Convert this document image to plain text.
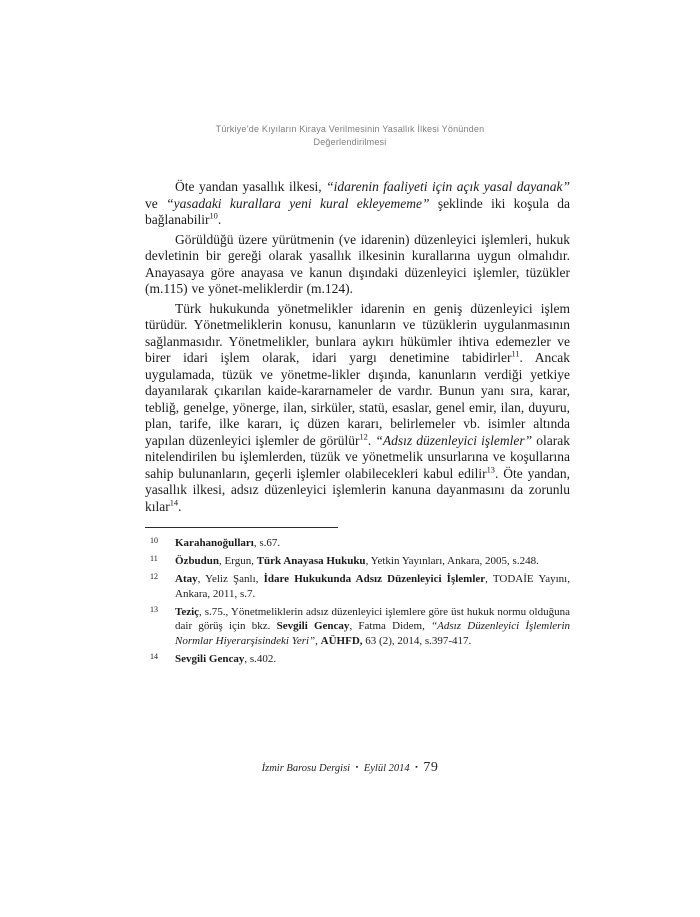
Türkiye’de Kıyıların Kiraya Verilmesinin Yasallık İlkesi Yönünden
Değerlendirilmesi

Öte yandan yasallık ilkesi, “idarenin faaliyeti için açık yasal dayanak” ve “yasadaki kurallara yeni kural ekleyememe” şeklinde iki koşula da bağlanabilir$^{10}$.

Görüldüğü üzere yürütmenin (ve idarenin) düzenleyici işlemleri, hukuk devletinin bir gereği olarak yasallık ilkesinin kurallarına uygun olmalıdır. Anayasaya göre anayasa ve kanun dışındaki düzenleyici işlemler, tüzükler (m.115) ve yönet-meliklerdir (m.124).

Türk hukukunda yönetmelikler idarenin en geniş düzenleyici işlem türüdür. Yönetmeliklerin konusu, kanunların ve tüzüklerin uygulanmasının sağlanmasıdır. Yönetmelikler, bunlara aykırı hükümler ihtiva edemezler ve birer idari işlem olarak, idari yargı denetimine tabidirler$^{11}$. Ancak uygulamada, tüzük ve yönetme-likler dışında, kanunların verdiği yetkiye dayanılarak çıkarılan kaide-kararnameler de vardır. Bunun yanı sıra, karar, tebliğ, genelge, yönerge, ilan, sirküler, statü, esaslar, genel emir, ilan, duyuru, plan, tarife, ilke kararı, iç düzen kararı, belirlemeler vb. isimler altında yapılan düzenleyici işlemler de görülür$^{12}$. “Adsız düzenleyici işlemler” olarak nitelendirilen bu işlemlerden, tüzük ve yönetmelik unsurlarına ve koşullarına sahip bulunanların, geçerli işlemler olabilecekleri kabul edilir$^{13}$. Öte yandan, yasallık ilkesi, adsız düzenleyici işlemlerin kanuna dayanmasını da zorunlu kılar$^{14}$.

10 Karahanoğulları, s.67.
11 Özbudun, Ergun, Türk Anayasa Hukuku, Yetkin Yayınları, Ankara, 2005, s.248.
12 Atay, Yeliz Şanlı, İdare Hukukunda Adsız Düzenleyici İşlemler, TODAİE Yayını, Ankara, 2011, s.7.
13 Teziç, s.75., Yönetmeliklerin adsız düzenleyici işlemlere göre üst hukuk normu olduğuna dair görüş için bkz. Sevgili Gencay, Fatma Didem, “Adsız Düzenleyici İşlemlerin Normlar Hiyerarşisindeki Yeri”, AÜHFD, 63 (2), 2014, s.397-417.
14 Sevgili Gencay, s.402.
İzmir Barosu Dergisi ▪ Eylül 2014 ▪ 79
